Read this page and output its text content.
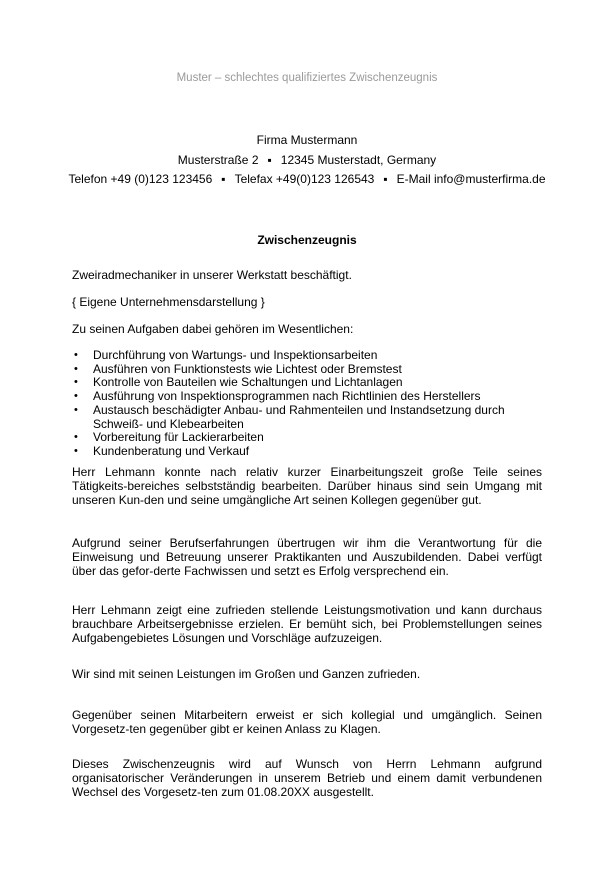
Muster – schlechtes qualifiziertes Zwischenzeugnis
Firma Mustermann
Musterstraße 2 ▪ 12345 Musterstadt, Germany
Telefon +49 (0)123 123456 ▪ Telefax +49(0)123 126543 ▪ E-Mail info@musterfirma.de
Zwischenzeugnis
Zweiradmechaniker in unserer Werkstatt beschäftigt.
{ Eigene Unternehmensdarstellung }
Zu seinen Aufgaben dabei gehören im Wesentlichen:
• Durchführung von Wartungs- und Inspektionsarbeiten
• Ausführen von Funktionstests wie Lichtest oder Bremstest
• Kontrolle von Bauteilen wie Schaltungen und Lichtanlagen
• Ausführung von Inspektionsprogrammen nach Richtlinien des Herstellers
• Austausch beschädigter Anbau- und Rahmenteilen und Instandsetzung durch Schweiß- und Klebearbeiten
• Vorbereitung für Lackierarbeiten
• Kundenberatung und Verkauf
Herr Lehmann konnte nach relativ kurzer Einarbeitungszeit große Teile seines Tätigkeits-bereiches selbstständig bearbeiten. Darüber hinaus sind sein Umgang mit unseren Kun-den und seine umgängliche Art seinen Kollegen gegenüber gut.
Aufgrund seiner Berufserfahrungen übertrugen wir ihm die Verantwortung für die Einweisung und Betreuung unserer Praktikanten und Auszubildenden. Dabei verfügt über das gefor-derte Fachwissen und setzt es Erfolg versprechend ein.
Herr Lehmann zeigt eine zufrieden stellende Leistungsmotivation und kann durchaus brauchbare Arbeitsergebnisse erzielen. Er bemüht sich, bei Problemstellungen seines Aufgabengebietes Lösungen und Vorschläge aufzuzeigen.
Wir sind mit seinen Leistungen im Großen und Ganzen zufrieden.
Gegenüber seinen Mitarbeitern erweist er sich kollegial und umgänglich. Seinen Vorgesetz-ten gegenüber gibt er keinen Anlass zu Klagen.
Dieses Zwischenzeugnis wird auf Wunsch von Herrn Lehmann aufgrund organisatorischer Veränderungen in unserem Betrieb und einem damit verbundenen Wechsel des Vorgesetz-ten zum 01.08.20XX ausgestellt.
